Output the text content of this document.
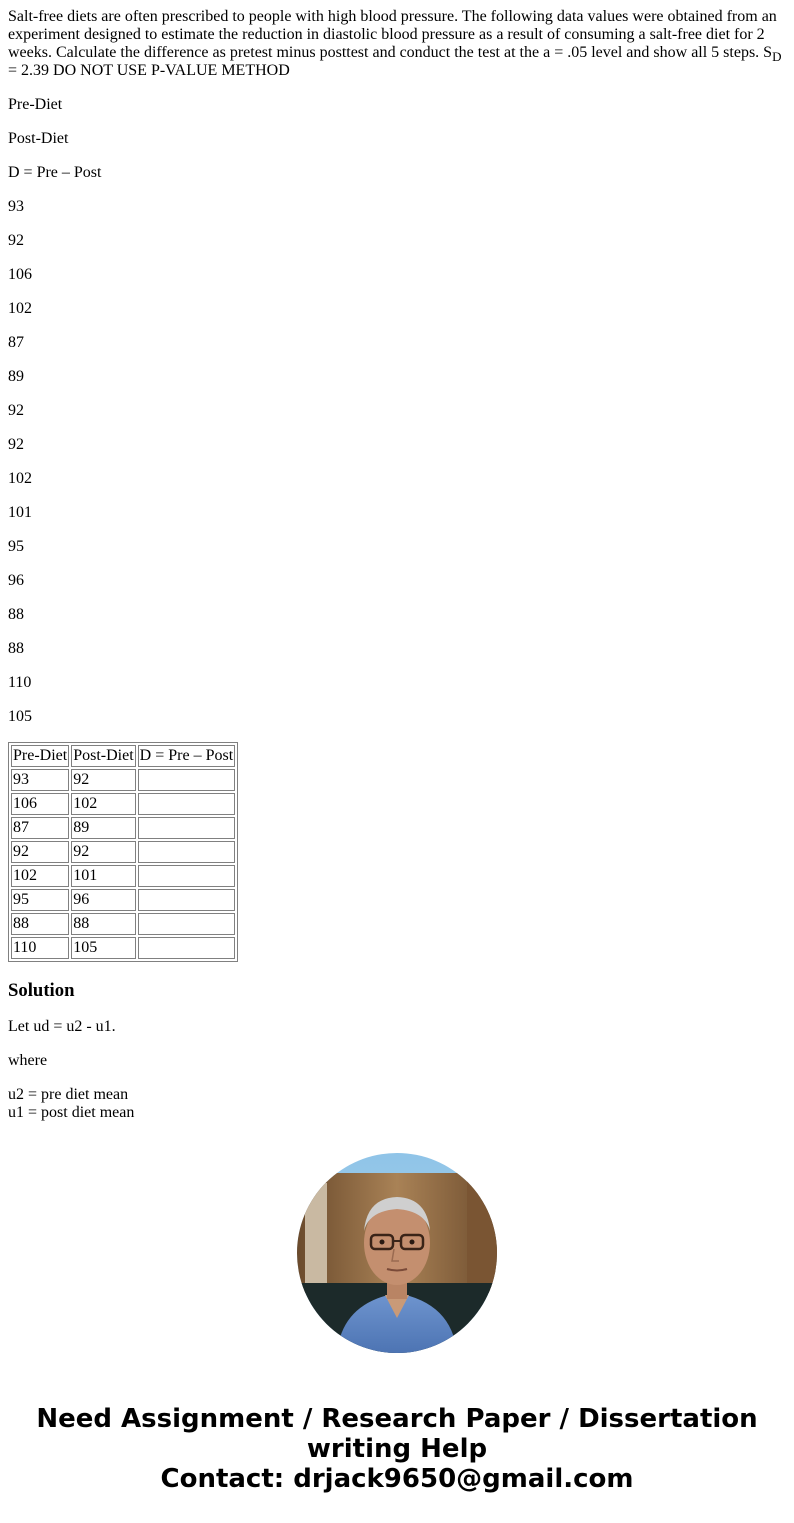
Salt-free diets are often prescribed to people with high blood pressure. The following data values were obtained from an experiment designed to estimate the reduction in diastolic blood pressure as a result of consuming a salt-free diet for 2 weeks. Calculate the difference as pretest minus posttest and conduct the test at the a = .05 level and show all 5 steps. $S_D = 2.39$ DO NOT USE P-VALUE METHOD

Pre-Diet

Post-Diet

D = Pre – Post

93

92

106

102

87

89

92

92

102

101

95

96

88

88

110

105

Pre-Diet	Post-Diet	D = Pre – Post
93	92	
106	102	
87	89	
92	92	
102	101	
95	96	
88	88	
110	105	
Solution

Let ud = u2 - u1.

where

u2 = pre diet mean
u1 = post diet mean

Need Assignment / Research Paper / Dissertation
writing Help
Contact: drjack9650@gmail.com
